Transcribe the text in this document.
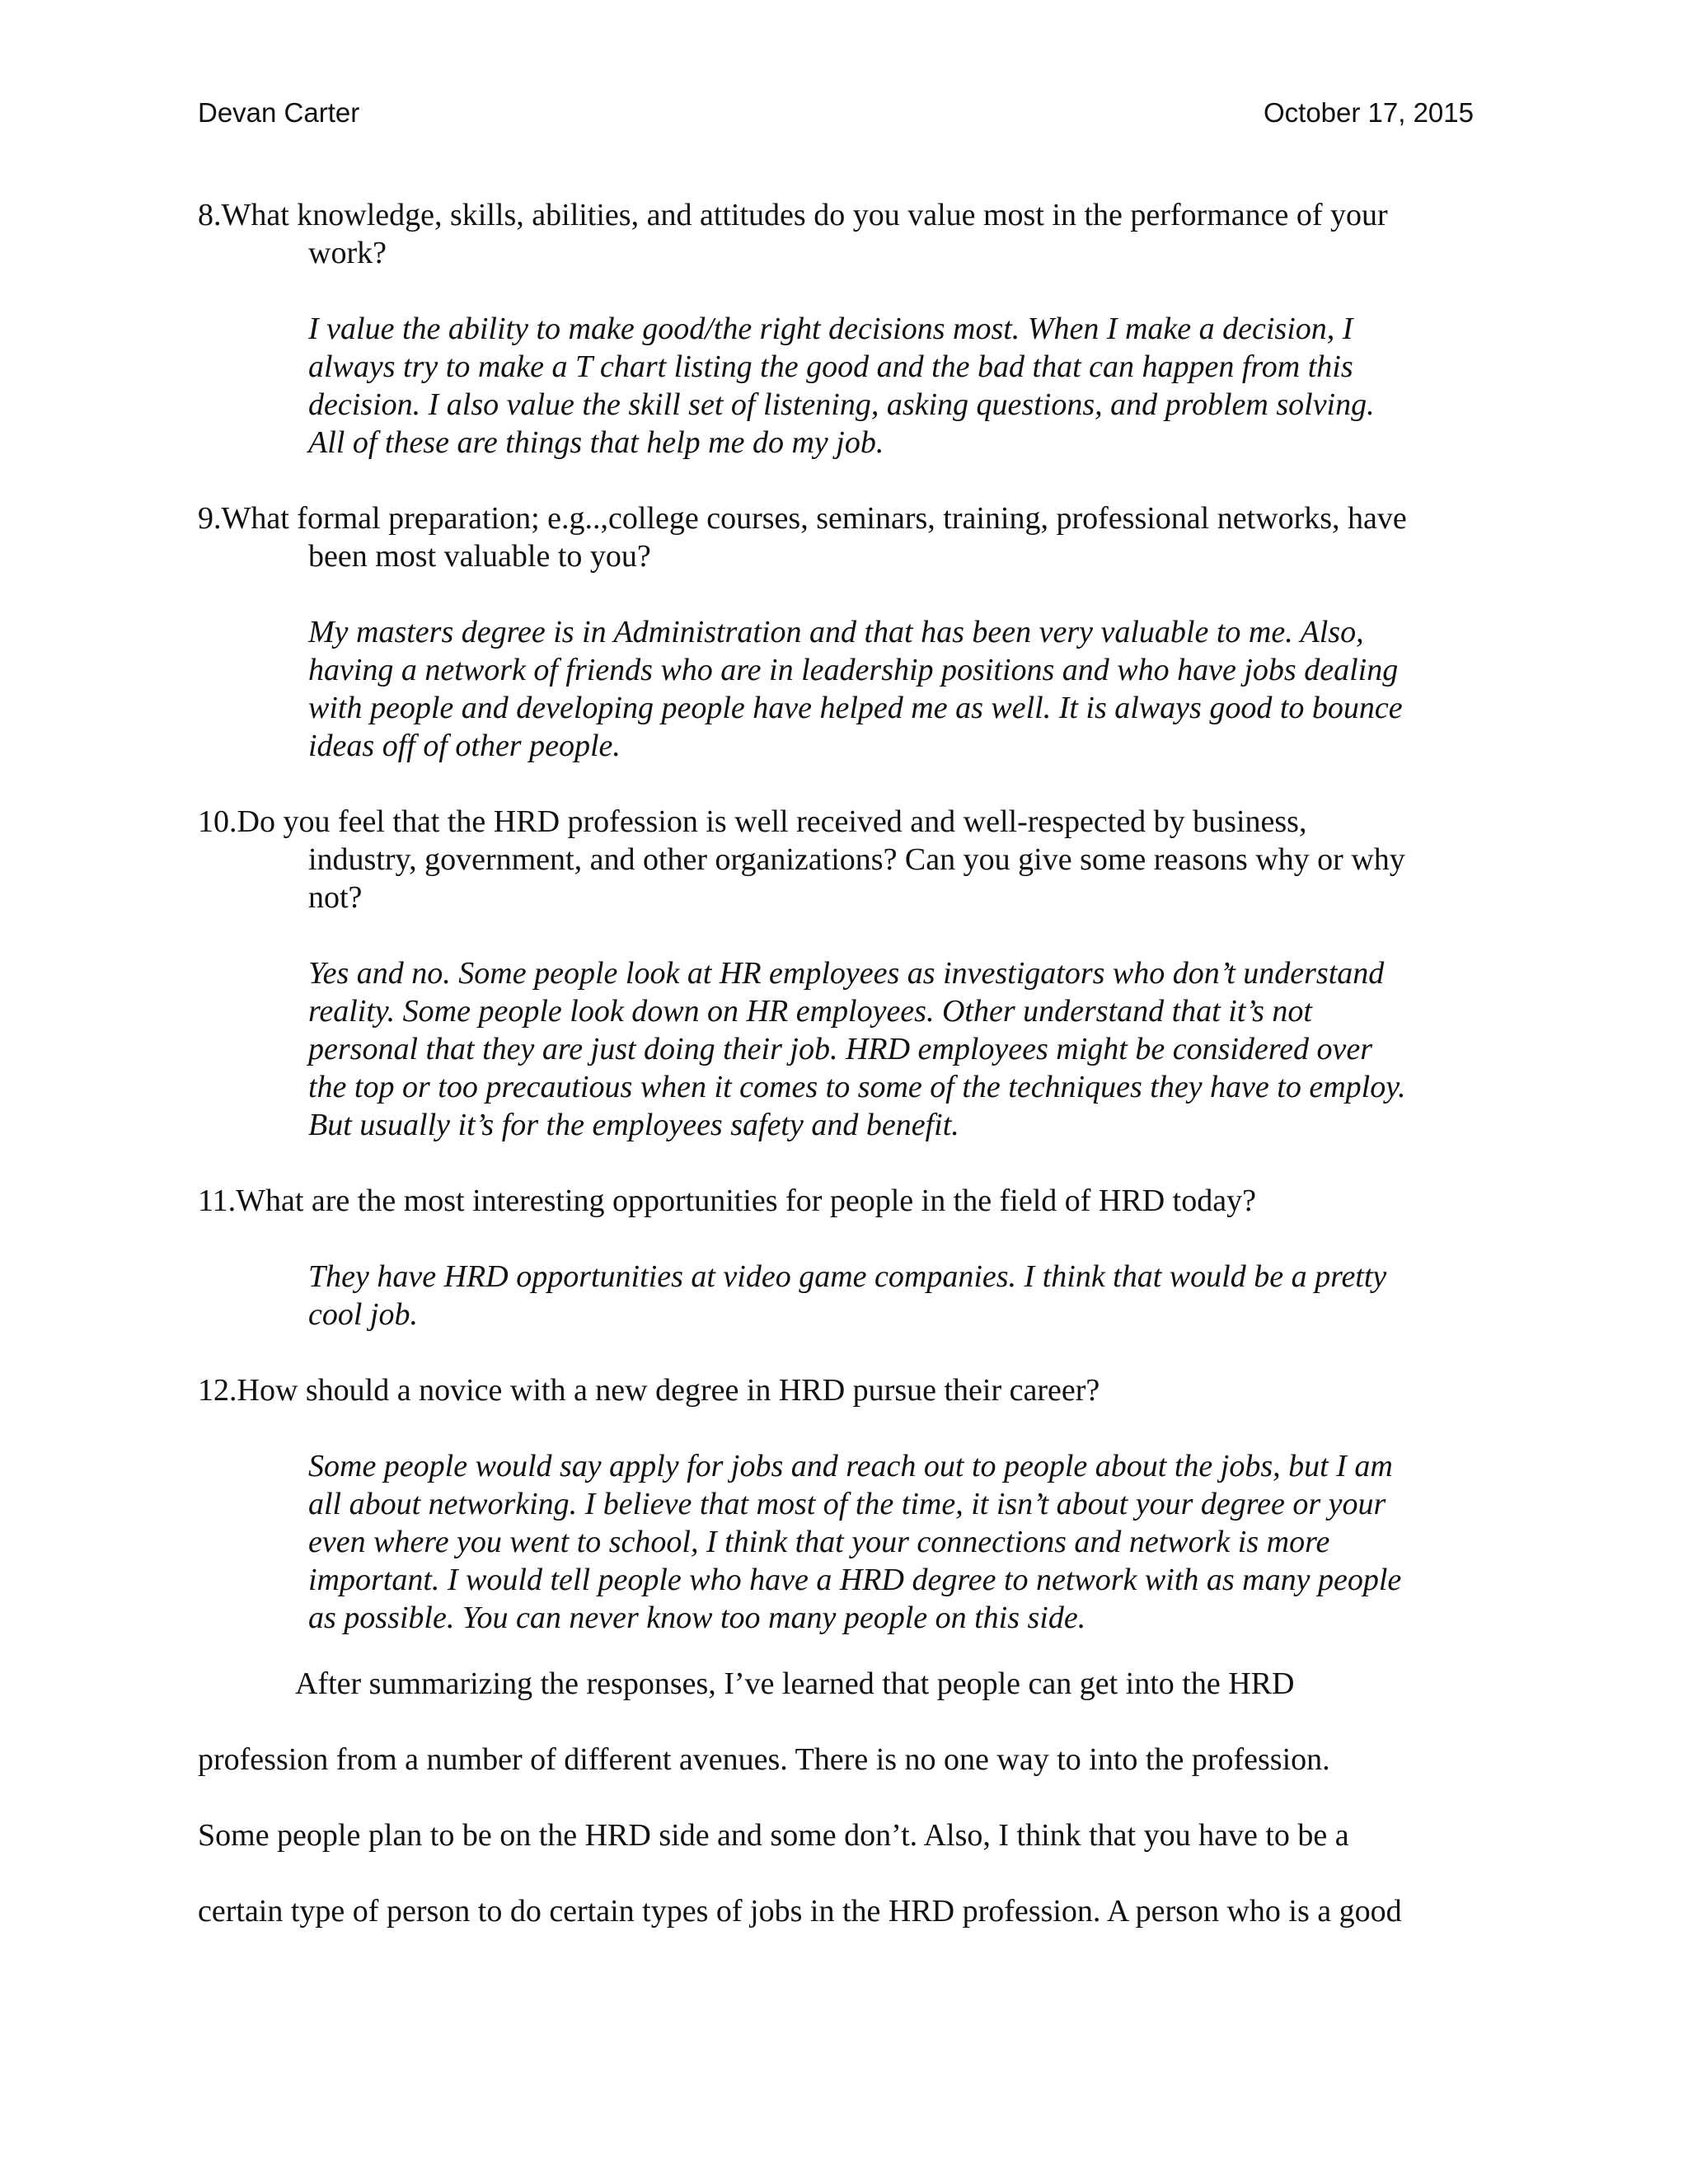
Devan Carter	October 17, 2015
8.What knowledge, skills, abilities, and attitudes do you value most in the performance of your
work?
I value the ability to make good/the right decisions most. When I make a decision, I
always try to make a T chart listing the good and the bad that can happen from this
decision. I also value the skill set of listening, asking questions, and problem solving.
All of these are things that help me do my job.
9.What formal preparation; e.g..,college courses, seminars, training, professional networks, have
been most valuable to you?
My masters degree is in Administration and that has been very valuable to me. Also,
having a network of friends who are in leadership positions and who have jobs dealing
with people and developing people have helped me as well. It is always good to bounce
ideas off of other people.
10.Do you feel that the HRD profession is well received and well-respected by business,
industry, government, and other organizations? Can you give some reasons why or why
not?
Yes and no. Some people look at HR employees as investigators who don’t understand
reality. Some people look down on HR employees. Other understand that it’s not
personal that they are just doing their job. HRD employees might be considered over
the top or too precautious when it comes to some of the techniques they have to employ.
But usually it’s for the employees safety and benefit.
11.What are the most interesting opportunities for people in the field of HRD today?
They have HRD opportunities at video game companies. I think that would be a pretty
cool job.
12.How should a novice with a new degree in HRD pursue their career?
Some people would say apply for jobs and reach out to people about the jobs, but I am
all about networking. I believe that most of the time, it isn’t about your degree or your
even where you went to school, I think that your connections and network is more
important. I would tell people who have a HRD degree to network with as many people
as possible. You can never know too many people on this side.
After summarizing the responses, I’ve learned that people can get into the HRD
profession from a number of different avenues. There is no one way to into the profession.
Some people plan to be on the HRD side and some don’t. Also, I think that you have to be a
certain type of person to do certain types of jobs in the HRD profession. A person who is a good
